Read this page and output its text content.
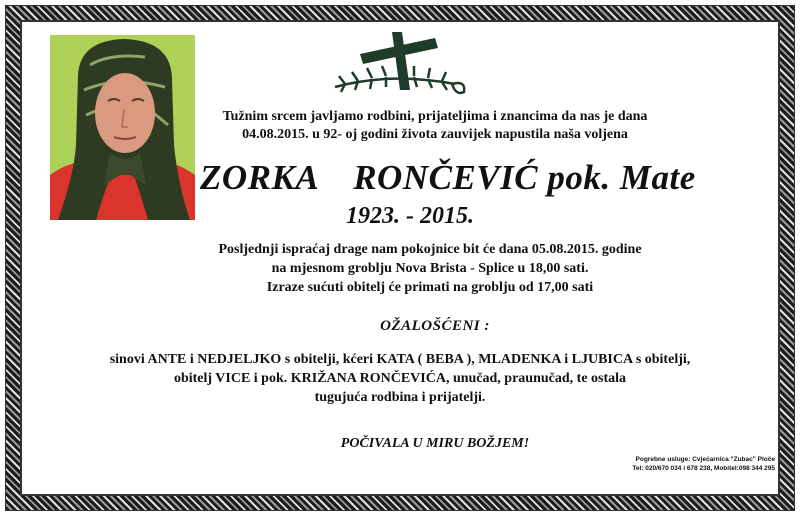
Tužnim srcem javljamo rodbini, prijateljima i znancima da nas je dana
04.08.2015. u 92- oj godini života zauvijek napustila naša voljena
ZORKA RONČEVIĆ pok. Mate
1923. - 2015.
Posljednji ispraćaj drage nam pokojnice bit će dana 05.08.2015. godine
na mjesnom groblju Nova Brista - Splice u 18,00 sati.
Izraze sućuti obitelj će primati na groblju od 17,00 sati
OŽALOŠĆENI :
sinovi ANTE i NEDJELJKO s obitelji, kćeri KATA ( BEBA ), MLADENKA i LJUBICA s obitelji,
obitelj VICE i pok. KRIŽANA RONČEVIĆA, unučad, praunučad, te ostala
tugujuća rodbina i prijatelji.
POČIVALA U MIRU BOŽJEM!
Pogrebne usluge: Cvjećarnica "Zubac" Ploče
Tel: 020/670 034 i 678 238, Mobitel:098 344 295
